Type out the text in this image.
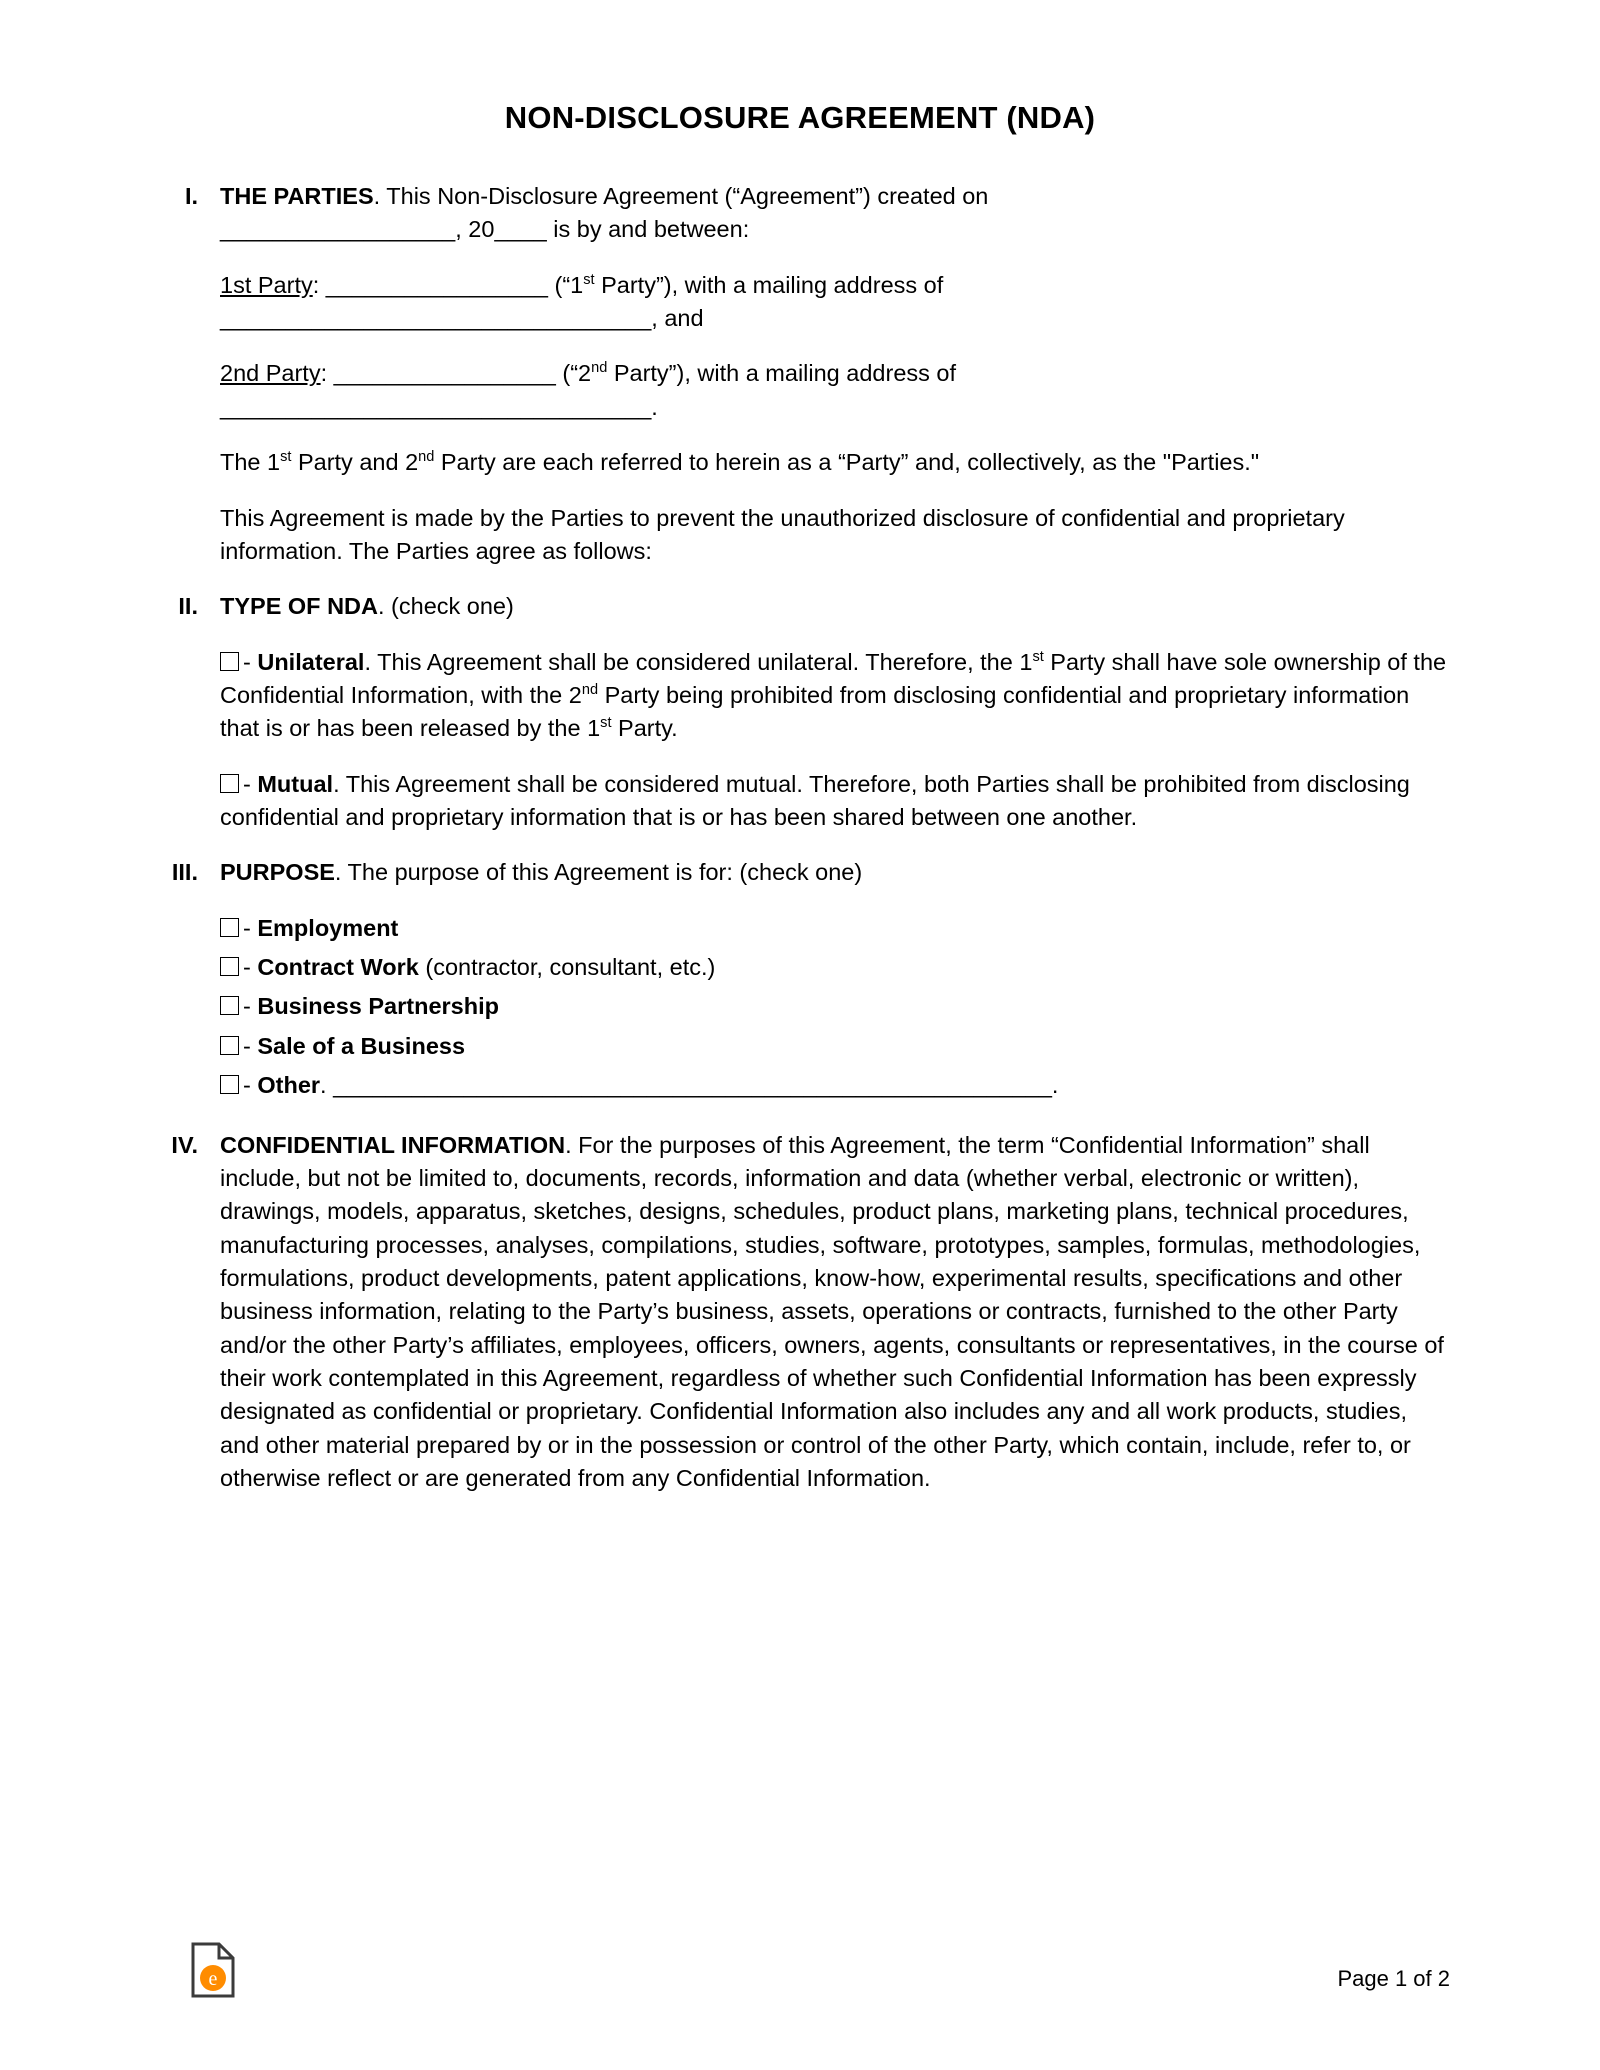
NON-DISCLOSURE AGREEMENT (NDA)
I. THE PARTIES. This Non-Disclosure Agreement (“Agreement”) created on
__________________, 20____ is by and between:

1st Party: _________________ (“1st Party”), with a mailing address of
_________________________________, and

2nd Party: _________________ (“2nd Party”), with a mailing address of
_________________________________.

The 1st Party and 2nd Party are each referred to herein as a “Party” and, collectively, as the "Parties."

This Agreement is made by the Parties to prevent the unauthorized disclosure of confidential and proprietary information. The Parties agree as follows:

II. TYPE OF NDA. (check one)

- Unilateral. This Agreement shall be considered unilateral. Therefore, the 1st Party shall have sole ownership of the Confidential Information, with the 2nd Party being prohibited from disclosing confidential and proprietary information that is or has been released by the 1st Party.

- Mutual. This Agreement shall be considered mutual. Therefore, both Parties shall be prohibited from disclosing confidential and proprietary information that is or has been shared between one another.

III. PURPOSE. The purpose of this Agreement is for: (check one)

- Employment

- Contract Work (contractor, consultant, etc.)

- Business Partnership

- Sale of a Business

- Other. _______________________________________________________.

IV. CONFIDENTIAL INFORMATION. For the purposes of this Agreement, the term “Confidential Information” shall include, but not be limited to, documents, records, information and data (whether verbal, electronic or written), drawings, models, apparatus, sketches, designs, schedules, product plans, marketing plans, technical procedures, manufacturing processes, analyses, compilations, studies, software, prototypes, samples, formulas, methodologies, formulations, product developments, patent applications, know-how, experimental results, specifications and other business information, relating to the Party’s business, assets, operations or contracts, furnished to the other Party and/or the other Party’s affiliates, employees, officers, owners, agents, consultants or representatives, in the course of their work contemplated in this Agreement, regardless of whether such Confidential Information has been expressly designated as confidential or proprietary. Confidential Information also includes any and all work products, studies, and other material prepared by or in the possession or control of the other Party, which contain, include, refer to, or otherwise reflect or are generated from any Confidential Information.

e	Page 1 of 2
